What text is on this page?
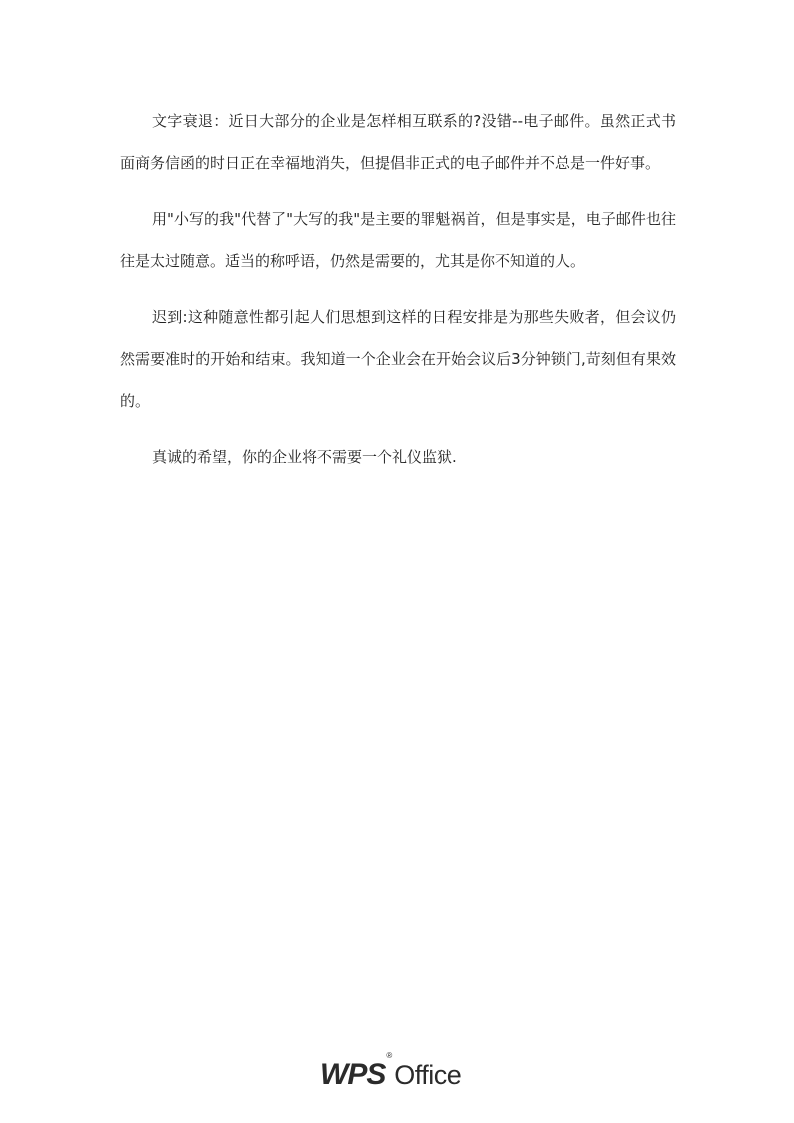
文字衰退：近日大部分的企业是怎样相互联系的?没错--电子邮件。虽然正式书面商务信函的时日正在幸福地消失，但提倡非正式的电子邮件并不总是一件好事。

用"小写的我"代替了"大写的我"是主要的罪魁祸首，但是事实是，电子邮件也往往是太过随意。适当的称呼语，仍然是需要的，尤其是你不知道的人。

迟到:这种随意性都引起人们思想到这样的日程安排是为那些失败者，但会议仍然需要准时的开始和结束。我知道一个企业会在开始会议后3分钟锁门,苛刻但有果效的。

真诚的希望，你的企业将不需要一个礼仪监狱.

WPS
®
Office
